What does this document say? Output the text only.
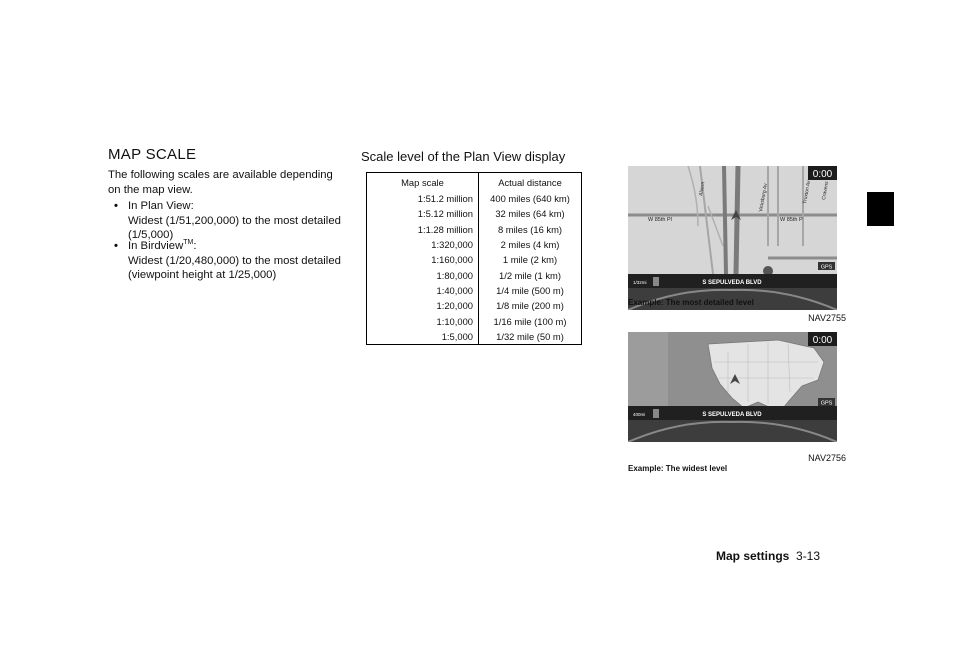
MAP SCALE
The following scales are available depending on the map view.
• In Plan View:
Widest (1/51,200,000) to the most detailed (1/5,000)
• In Birdview™:
Widest (1/20,480,000) to the most detailed (viewpoint height at 1/25,000)
Scale level of the Plan View display
Map scale	Actual distance
1:51.2 million	400 miles (640 km)
1:5.12 million	32 miles (64 km)
1:1.28 million	8 miles (16 km)
1:320,000	2 miles (4 km)
1:160,000	1 mile (2 km)
1:80,000	1/2 mile (1 km)
1:40,000	1/4 mile (500 m)
1:20,000	1/8 mile (200 m)
1:10,000	1/16 mile (100 m)
1:5,000	1/32 mile (50 m)
W 85th Pl	W 85th P
Alvern	Vicksburg Av	Truxton Av Cravens
0:00
GPS
S SEPULVEDA BLVD
1/32mi
NAV2755
Example: The most detailed level
0:00
GPS
S SEPULVEDA BLVD
400mi
NAV2756
Example: The widest level
Map settings 3-13
